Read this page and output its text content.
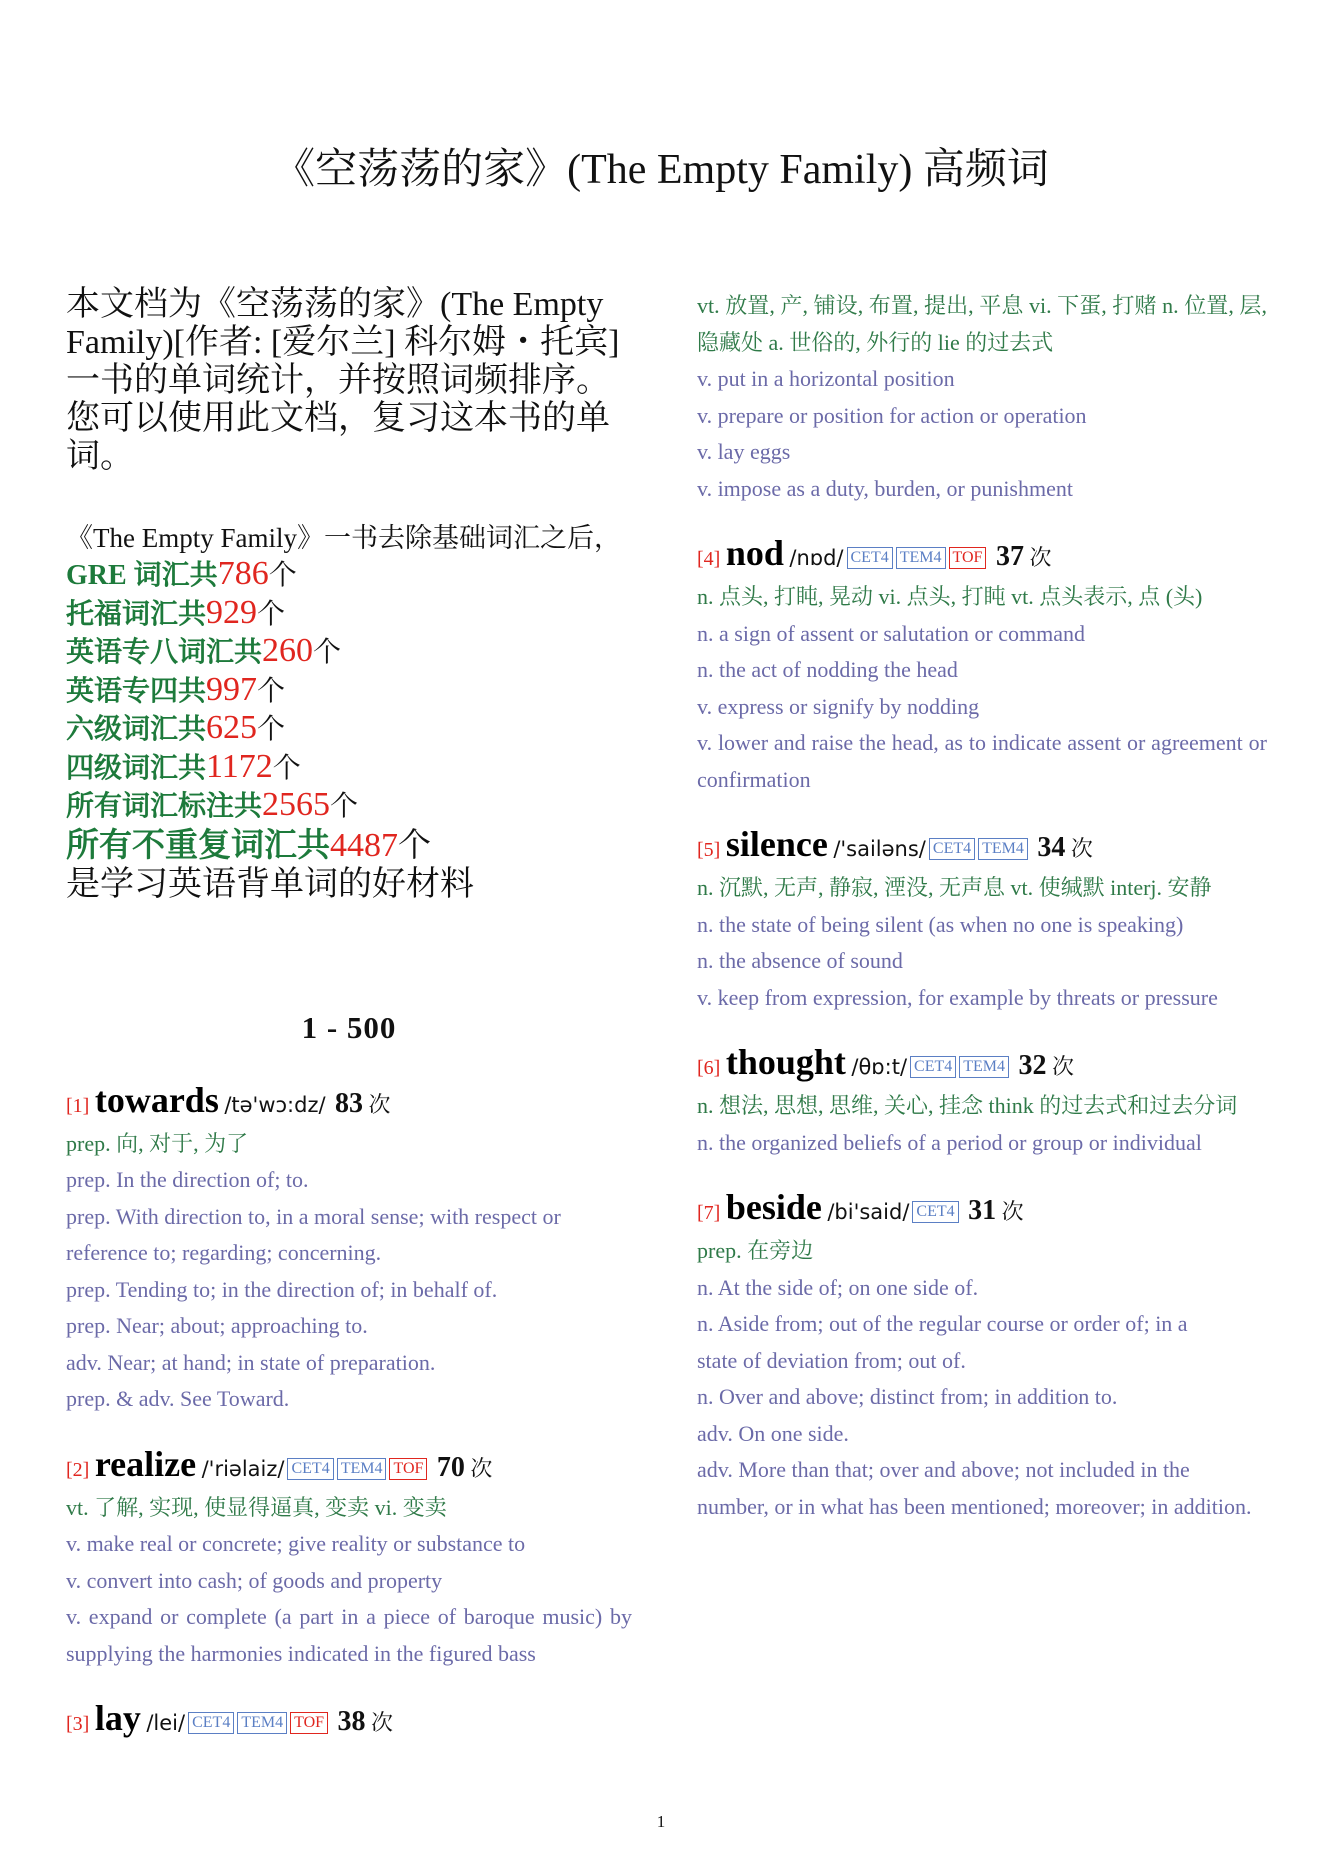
《空荡荡的家》(The Empty Family) 高频词
本文档为《空荡荡的家》(The Empty Family)[作者: [爱尔兰] 科尔姆・托宾] 一书的单词统计，并按照词频排序。您可以使用此文档，复习这本书的单词。
《The Empty Family》一书去除基础词汇之后，
GRE 词汇共786个
托福词汇共929个
英语专八词汇共260个
英语专四共997个
六级词汇共625个
四级词汇共1172个
所有词汇标注共2565个
所有不重复词汇共4487个
是学习英语背单词的好材料
1 - 500
[1] towards /tə'wɔ:dz/ 83 次
prep. 向, 对于, 为了
prep. In the direction of; to.
prep. With direction to, in a moral sense; with respect or
reference to; regarding; concerning.
prep. Tending to; in the direction of; in behalf of.
prep. Near; about; approaching to.
adv. Near; at hand; in state of preparation.
prep. & adv. See Toward.
[2] realize /'riəlaiz/ CET4 TEM4 TOF 70 次
vt. 了解, 实现, 使显得逼真, 变卖 vi. 变卖
v. make real or concrete; give reality or substance to
v. convert into cash; of goods and property
v. expand or complete (a part in a piece of baroque music) by supplying the harmonies indicated in the figured bass
[3] lay /lei/ CET4 TEM4 TOF 38 次
vt. 放置, 产, 铺设, 布置, 提出, 平息 vi. 下蛋, 打赌 n. 位置, 层, 隐藏处 a. 世俗的, 外行的 lie 的过去式
v. put in a horizontal position
v. prepare or position for action or operation
v. lay eggs
v. impose as a duty, burden, or punishment
[4] nod /nɒd/ CET4 TEM4 TOF 37 次
n. 点头, 打盹, 晃动 vi. 点头, 打盹 vt. 点头表示, 点 (头)
n. a sign of assent or salutation or command
n. the act of nodding the head
v. express or signify by nodding
v. lower and raise the head, as to indicate assent or agreement or confirmation
[5] silence /'sailəns/ CET4 TEM4 34 次
n. 沉默, 无声, 静寂, 湮没, 无声息 vt. 使缄默 interj. 安静
n. the state of being silent (as when no one is speaking)
n. the absence of sound
v. keep from expression, for example by threats or pressure
[6] thought /θɒ:t/ CET4 TEM4 32 次
n. 想法, 思想, 思维, 关心, 挂念 think 的过去式和过去分词
n. the organized beliefs of a period or group or individual
[7] beside /bi'said/ CET4 31 次
prep. 在旁边
n. At the side of; on one side of.
n. Aside from; out of the regular course or order of; in a
state of deviation from; out of.
n. Over and above; distinct from; in addition to.
adv. On one side.
adv. More than that; over and above; not included in the
number, or in what has been mentioned; moreover; in addition.
1
